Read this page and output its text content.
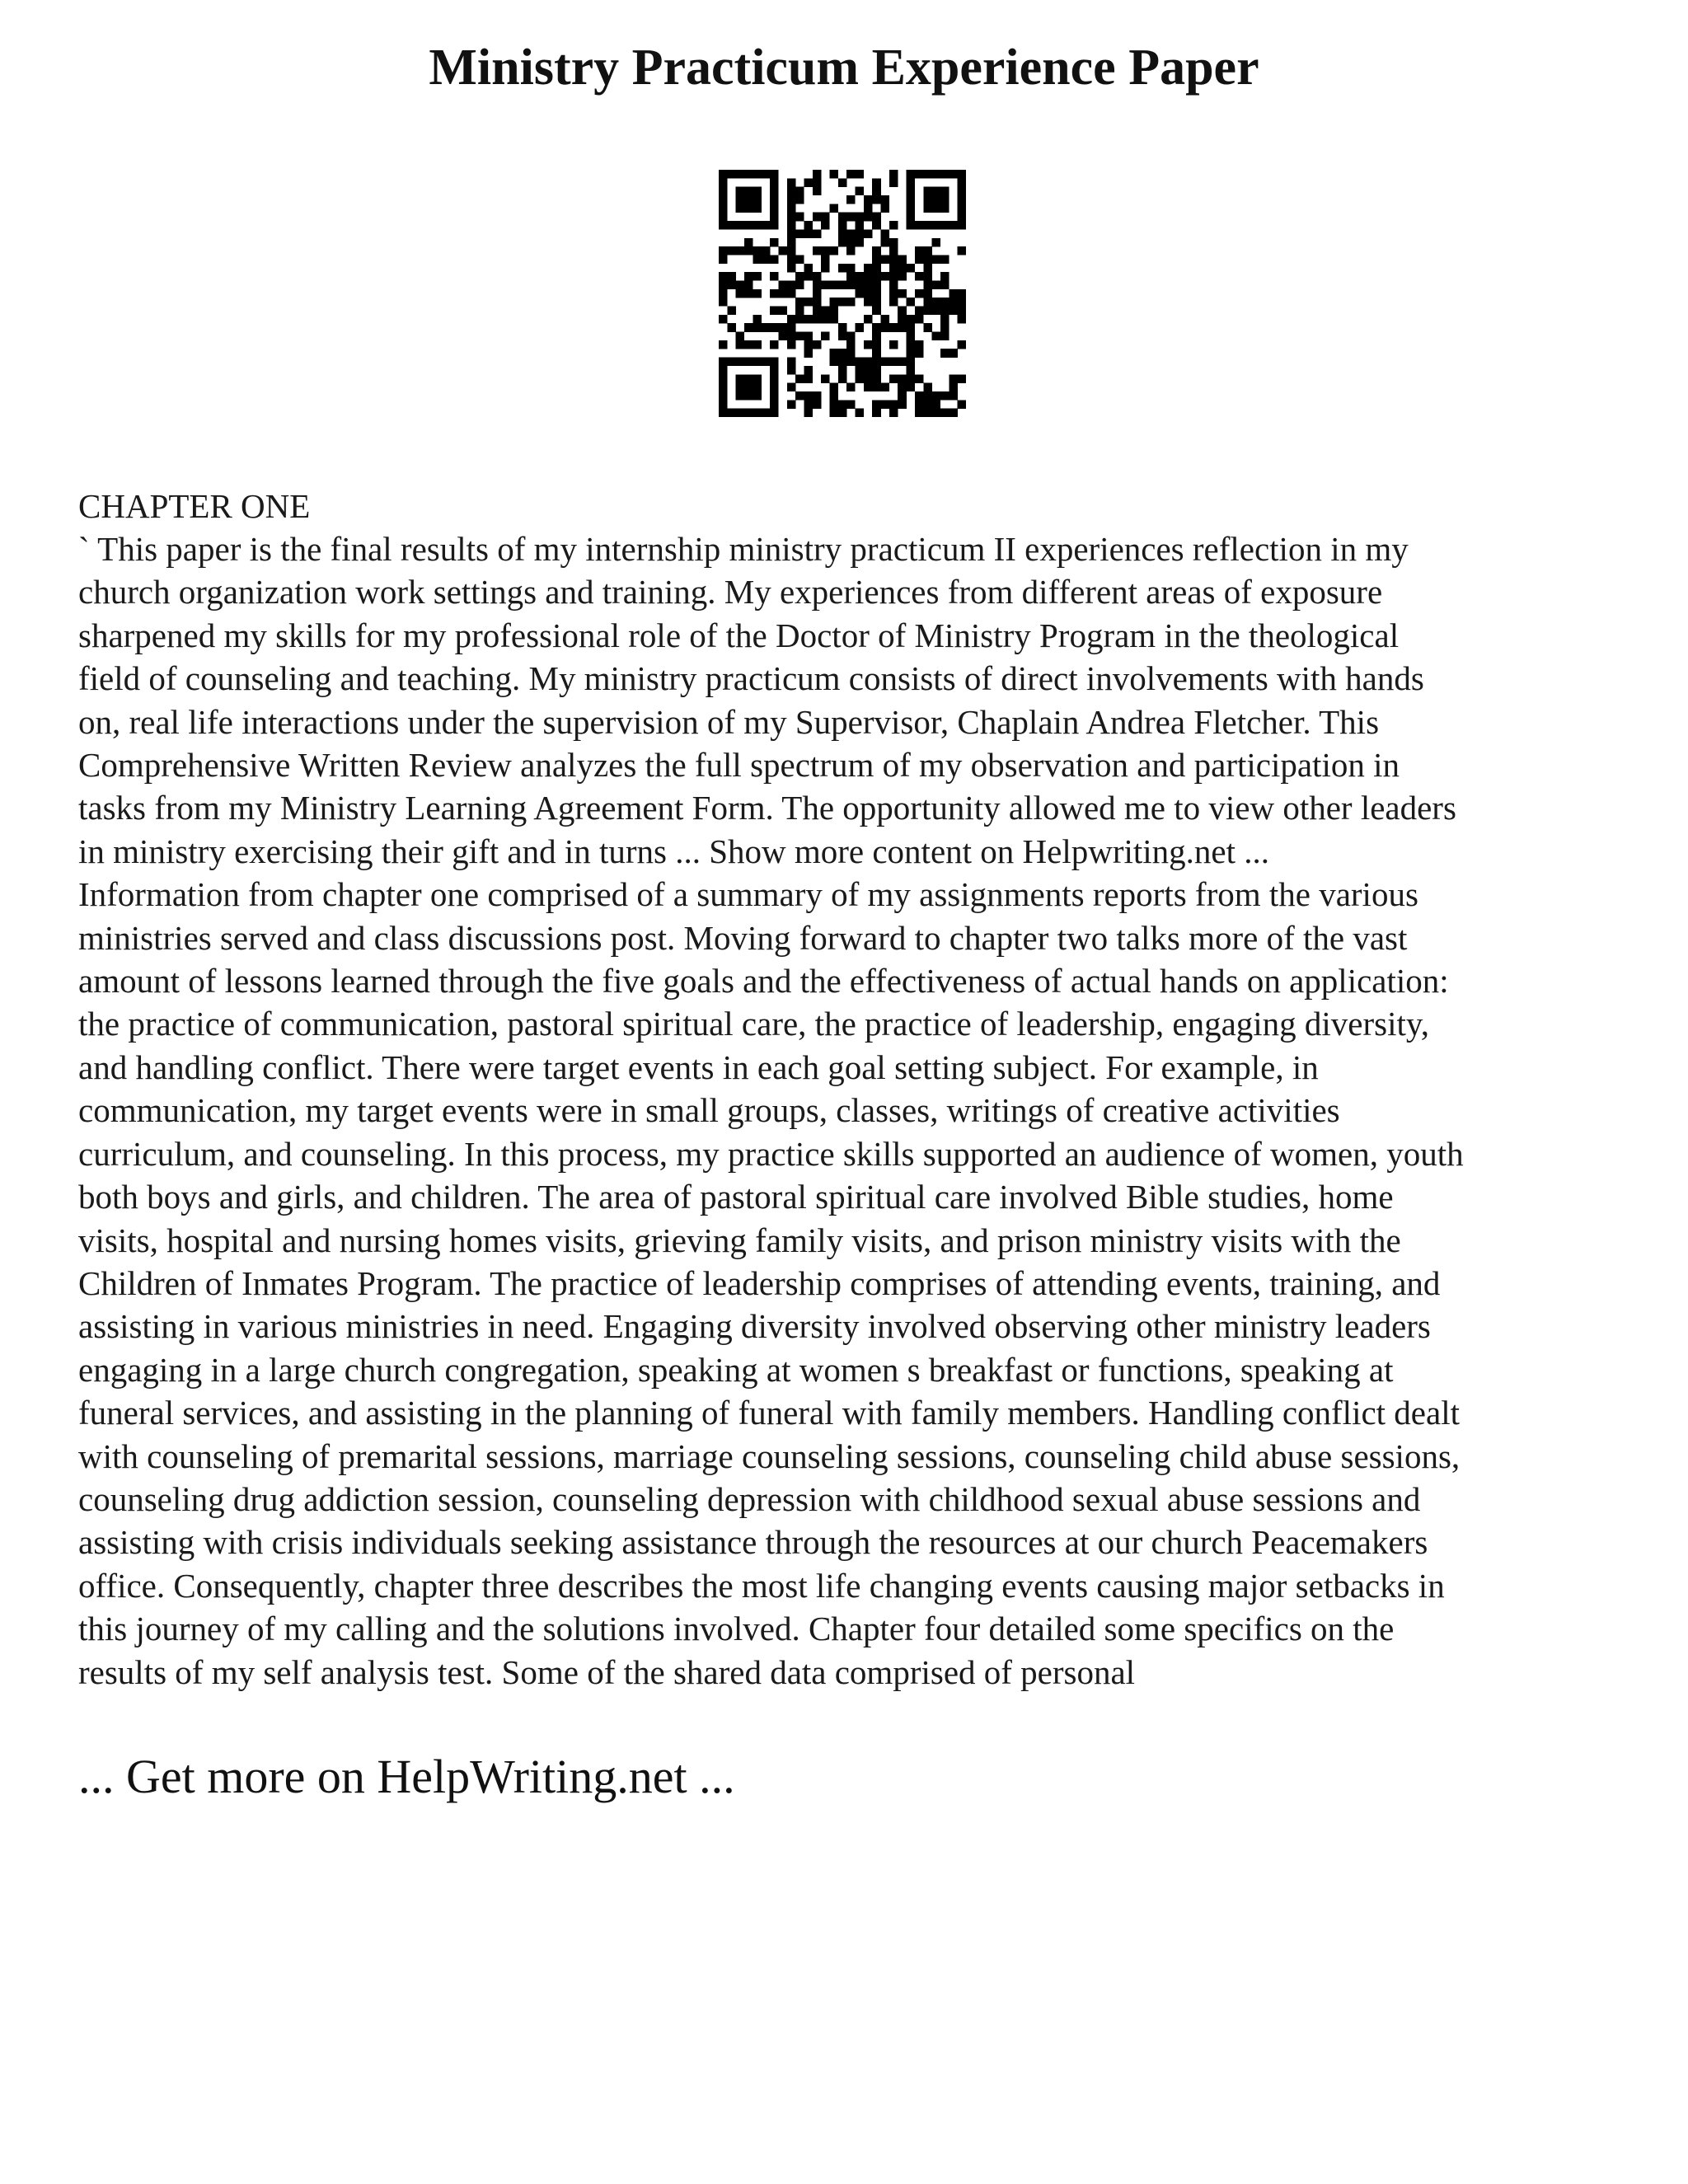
Ministry Practicum Experience Paper
CHAPTER ONE

` This paper is the final results of my internship ministry practicum II experiences reflection in my
church organization work settings and training. My experiences from different areas of exposure
sharpened my skills for my professional role of the Doctor of Ministry Program in the theological
field of counseling and teaching. My ministry practicum consists of direct involvements with hands
on, real life interactions under the supervision of my Supervisor, Chaplain Andrea Fletcher. This
Comprehensive Written Review analyzes the full spectrum of my observation and participation in
tasks from my Ministry Learning Agreement Form. The opportunity allowed me to view other leaders
in ministry exercising their gift and in turns ... Show more content on Helpwriting.net ...
Information from chapter one comprised of a summary of my assignments reports from the various
ministries served and class discussions post. Moving forward to chapter two talks more of the vast
amount of lessons learned through the five goals and the effectiveness of actual hands on application:
the practice of communication, pastoral spiritual care, the practice of leadership, engaging diversity,
and handling conflict. There were target events in each goal setting subject. For example, in
communication, my target events were in small groups, classes, writings of creative activities
curriculum, and counseling. In this process, my practice skills supported an audience of women, youth
both boys and girls, and children. The area of pastoral spiritual care involved Bible studies, home
visits, hospital and nursing homes visits, grieving family visits, and prison ministry visits with the
Children of Inmates Program. The practice of leadership comprises of attending events, training, and
assisting in various ministries in need. Engaging diversity involved observing other ministry leaders
engaging in a large church congregation, speaking at women s breakfast or functions, speaking at
funeral services, and assisting in the planning of funeral with family members. Handling conflict dealt
with counseling of premarital sessions, marriage counseling sessions, counseling child abuse sessions,
counseling drug addiction session, counseling depression with childhood sexual abuse sessions and
assisting with crisis individuals seeking assistance through the resources at our church Peacemakers
office. Consequently, chapter three describes the most life changing events causing major setbacks in
this journey of my calling and the solutions involved. Chapter four detailed some specifics on the
results of my self analysis test. Some of the shared data comprised of personal

... Get more on HelpWriting.net ...
